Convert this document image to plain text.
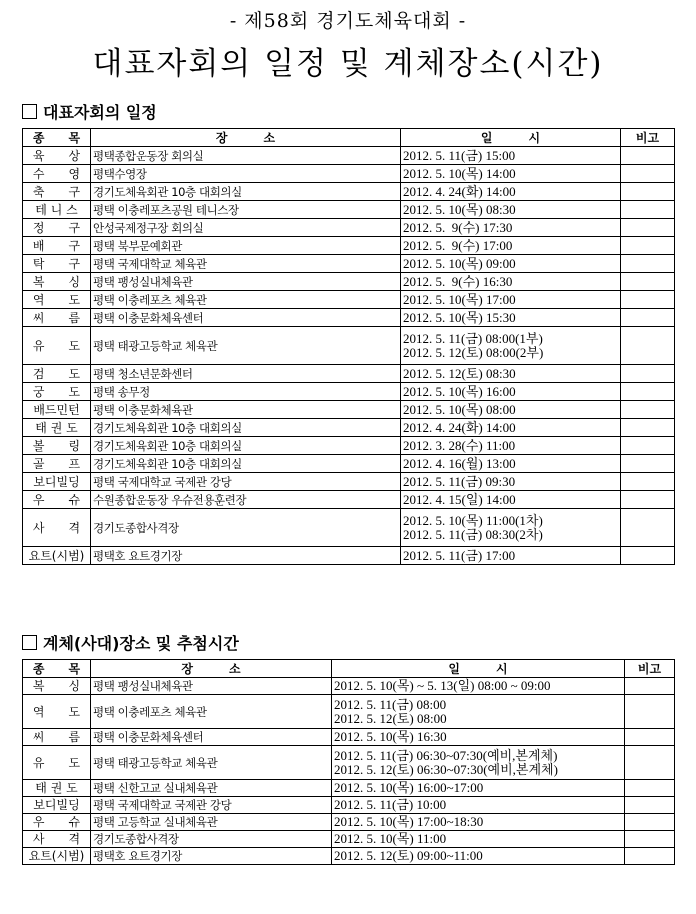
- 제58회 경기도체육대회 -
대표자회의 일정 및 계체장소(시간)
대표자회의 일정
종　　목	장　　　소	일　　　시	비고
육　　상	평택종합운동장 회의실	2012. 5. 11(금) 15:00	

수　　영	평택수영장	2012. 5. 10(목) 14:00	

축　　구	경기도체육회관 10층 대회의실	2012. 4. 24(화) 14:00	

테 니 스	평택 이충레포츠공원 테니스장	2012. 5. 10(목) 08:30	

정　　구	안성국제정구장 회의실	2012. 5.  9(수) 17:30	

배　　구	평택 북부문예회관	2012. 5.  9(수) 17:00	

탁　　구	평택 국제대학교 체육관	2012. 5. 10(목) 09:00	

복　　싱	평택 팽성실내체육관	2012. 5.  9(수) 16:30	

역　　도	평택 이충레포츠 체육관	2012. 5. 10(목) 17:00	

씨　　름	평택 이충문화체육센터	2012. 5. 10(목) 15:30	

유　　도	평택 태광고등학교 체육관	2012. 5. 11(금) 08:00(1부)
2012. 5. 12(토) 08:00(2부)	

검　　도	평택 청소년문화센터	2012. 5. 12(토) 08:30	

궁　　도	평택 송무정	2012. 5. 10(목) 16:00	

배드민턴	평택 이충문화체육관	2012. 5. 10(목) 08:00	

태 권 도	경기도체육회관 10층 대회의실	2012. 4. 24(화) 14:00	

볼　　링	경기도체육회관 10층 대회의실	2012. 3. 28(수) 11:00	

골　　프	경기도체육회관 10층 대회의실	2012. 4. 16(월) 13:00	

보디빌딩	평택 국제대학교 국제관 강당	2012. 5. 11(금) 09:30	

우　　슈	수원종합운동장 우슈전용훈련장	2012. 4. 15(일) 14:00	

사　　격	경기도종합사격장	2012. 5. 10(목) 11:00(1차)
2012. 5. 11(금) 08:30(2차)	

요트(시범)	평택호 요트경기장	2012. 5. 11(금) 17:00	

계체(사대)장소 및 추첨시간
종　　목	장　　　소	일　　　시	비고
복　　싱	평택 팽성실내체육관	2012. 5. 10(목) ~ 5. 13(일) 08:00 ~ 09:00	

역　　도	평택 이충레포츠 체육관	2012. 5. 11(금) 08:00
2012. 5. 12(토) 08:00	

씨　　름	평택 이충문화체육센터	2012. 5. 10(목) 16:30	

유　　도	평택 태광고등학교 체육관	2012. 5. 11(금) 06:30~07:30(예비,본계체)
2012. 5. 12(토) 06:30~07:30(예비,본계체)	

태 권 도	평택 신한고교 실내체육관	2012. 5. 10(목) 16:00~17:00	

보디빌딩	평택 국제대학교 국제관 강당	2012. 5. 11(금) 10:00	

우　　슈	평택 고등학교 실내체육관	2012. 5. 10(목) 17:00~18:30	

사　　격	경기도종합사격장	2012. 5. 10(목) 11:00	

요트(시범)	평택호 요트경기장	2012. 5. 12(토) 09:00~11:00	
